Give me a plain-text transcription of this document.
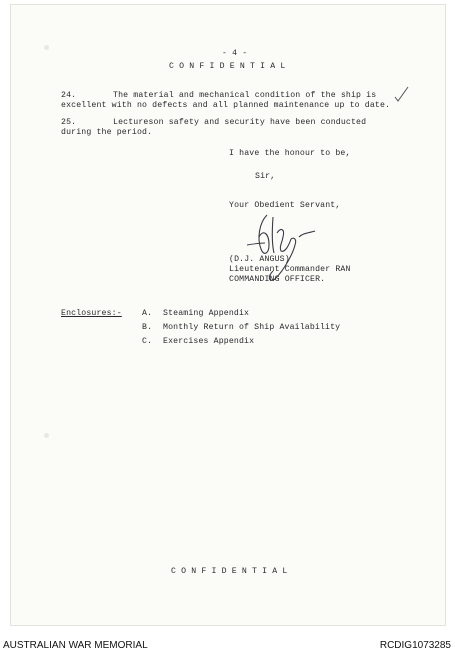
- 4 -
C O N F I D E N T I A L
24.	The material and mechanical condition of the ship is
excellent with no defects and all planned maintenance up to date.
25.	Lectureson safety and security have been conducted
during the period.
I have the honour to be,
Sir,
Your Obedient Servant,
(D.J. ANGUS)
Lieutenant Commander RAN
COMMANDING OFFICER.
Enclosures:- A. Steaming Appendix
B. Monthly Return of Ship Availability
C. Exercises Appendix
C O N F I D E N T I A L
AUSTRALIAN WAR MEMORIAL	RCDIG1073285
